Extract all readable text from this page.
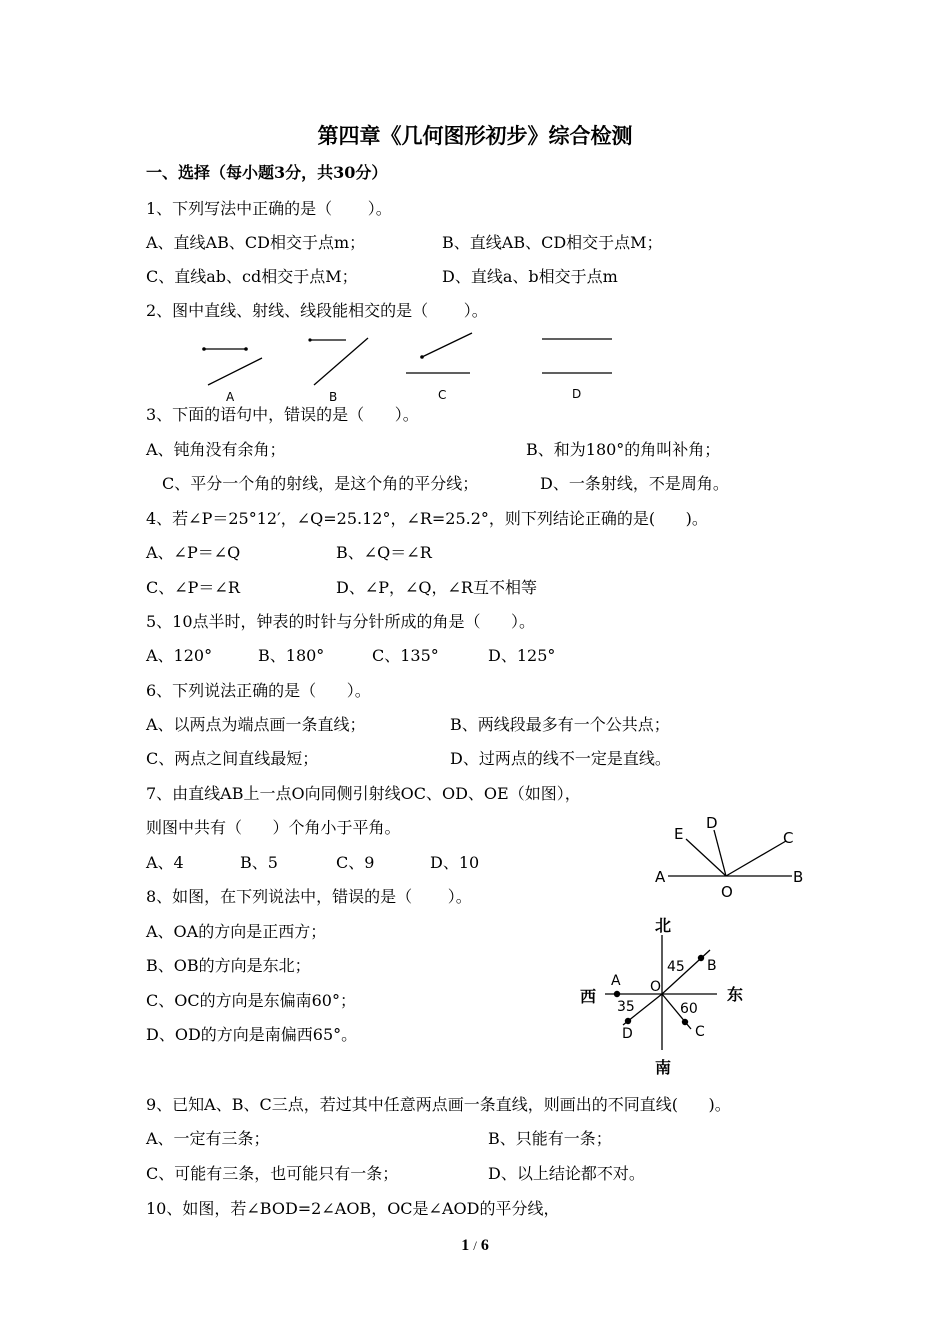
第四章《几何图形初步》综合检测
一、选择（每小题3分，共30分）
1、下列写法中正确的是（       ）。
A、直线AB、CD相交于点m；	B、直线AB、CD相交于点M；
C、直线ab、cd相交于点M；	D、直线a、b相交于点m
2、图中直线、射线、线段能相交的是（       ）。
A	B	C	D
3、下面的语句中，错误的是（      ）。
A、钝角没有余角；	B、和为180°的角叫补角；
C、平分一个角的射线，是这个角的平分线；	D、一条射线，不是周角。
4、若∠P＝25°12′，∠Q=25.12°，∠R=25.2°，则下列结论正确的是(      )。
A、∠P＝∠Q	B、∠Q＝∠R
C、∠P＝∠R	D、∠P，∠Q，∠R互不相等
5、10点半时，钟表的时针与分针所成的角是（      ）。
A、120°	B、180°	C、135°	D、125°
6、下列说法正确的是（      ）。
A、以两点为端点画一条直线；	B、两线段最多有一个公共点；
C、两点之间直线最短；	D、过两点的线不一定是直线。
7、由直线AB上一点O向同侧引射线OC、OD、OE（如图），
则图中共有（      ）个角小于平角。
A、4	B、5	C、9	D、10
A	B
C
D
E
O
8、如图，在下列说法中，错误的是（       ）。
A、OA的方向是正西方；
B、OB的方向是东北；
C、OC的方向是东偏南60°；
D、OD的方向是南偏西65°。
北
南
东
西	O
A
B
C
D
45
35	60
9、已知A、B、C三点，若过其中任意两点画一条直线，则画出的不同直线(      )。
A、一定有三条；	B、只能有一条；
C、可能有三条，也可能只有一条；	D、以上结论都不对。
10、如图，若∠BOD=2∠AOB，OC是∠AOD的平分线，
1 / 6
